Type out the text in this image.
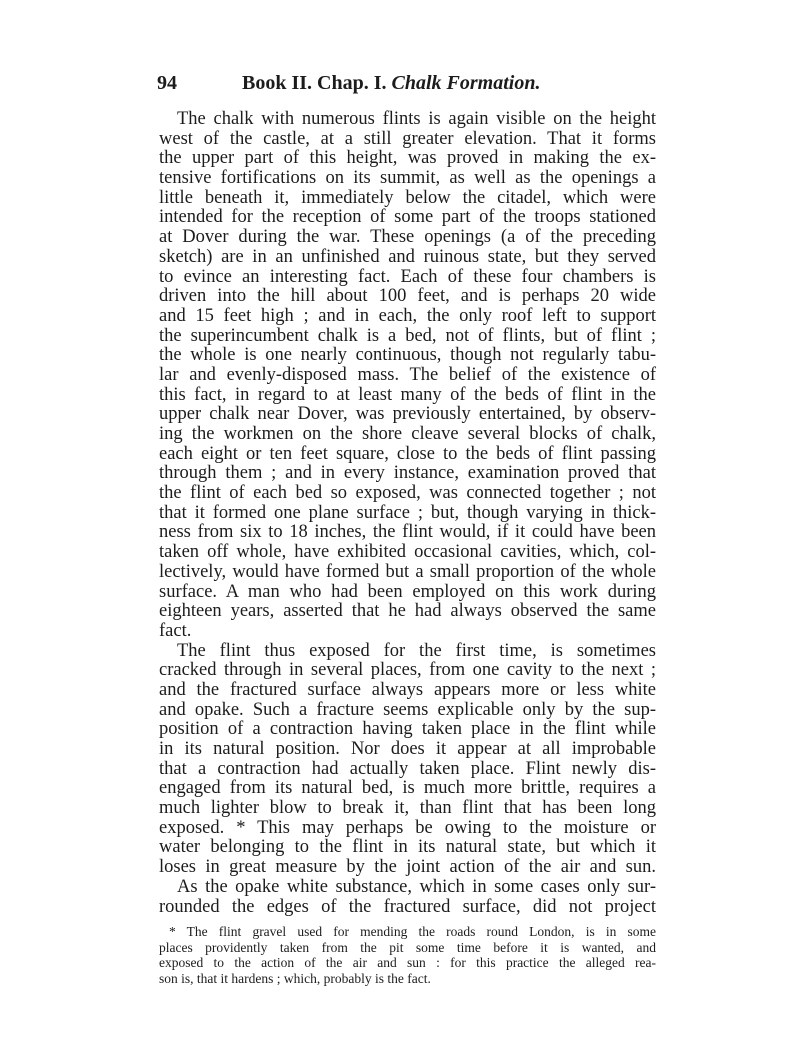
94	Book II. Chap. I. Chalk Formation.
The chalk with numerous flints is again visible on the height
west of the castle, at a still greater elevation. That it forms
the upper part of this height, was proved in making the ex-
tensive fortifications on its summit, as well as the openings a
little beneath it, immediately below the citadel, which were
intended for the reception of some part of the troops stationed
at Dover during the war. These openings (a of the preceding
sketch) are in an unfinished and ruinous state, but they served
to evince an interesting fact. Each of these four chambers is
driven into the hill about 100 feet, and is perhaps 20 wide
and 15 feet high ; and in each, the only roof left to support
the superincumbent chalk is a bed, not of flints, but of flint ;
the whole is one nearly continuous, though not regularly tabu-
lar and evenly-disposed mass. The belief of the existence of
this fact, in regard to at least many of the beds of flint in the
upper chalk near Dover, was previously entertained, by observ-
ing the workmen on the shore cleave several blocks of chalk,
each eight or ten feet square, close to the beds of flint passing
through them ; and in every instance, examination proved that
the flint of each bed so exposed, was connected together ; not
that it formed one plane surface ; but, though varying in thick-
ness from six to 18 inches, the flint would, if it could have been
taken off whole, have exhibited occasional cavities, which, col-
lectively, would have formed but a small proportion of the whole
surface. A man who had been employed on this work during
eighteen years, asserted that he had always observed the same
fact.
The flint thus exposed for the first time, is sometimes
cracked through in several places, from one cavity to the next ;
and the fractured surface always appears more or less white
and opake. Such a fracture seems explicable only by the sup-
position of a contraction having taken place in the flint while
in its natural position. Nor does it appear at all improbable
that a contraction had actually taken place. Flint newly dis-
engaged from its natural bed, is much more brittle, requires a
much lighter blow to break it, than flint that has been long
exposed. * This may perhaps be owing to the moisture or
water belonging to the flint in its natural state, but which it
loses in great measure by the joint action of the air and sun.
As the opake white substance, which in some cases only sur-
rounded the edges of the fractured surface, did not project
* The flint gravel used for mending the roads round London, is in some
places providently taken from the pit some time before it is wanted, and
exposed to the action of the air and sun : for this practice the alleged rea-
son is, that it hardens ; which, probably is the fact.
